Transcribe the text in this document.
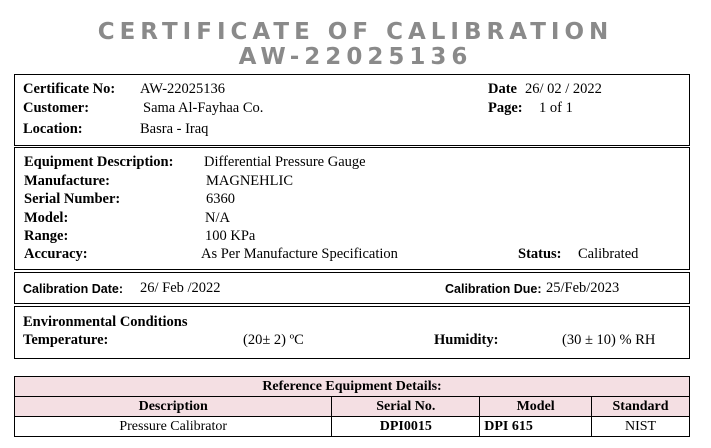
CERTIFICATE OF CALIBRATION
AW-22025136
Certificate No: AW-22025136
Customer:	Sama Al-Fayhaa Co.
Location:	Basra - Iraq
Date 26/ 02 / 2022
Page: 1 of 1
Equipment Description: Differential Pressure Gauge
Manufacture:	MAGNEHLIC
Serial Number:	6360
Model:	N/A
Range:	100 KPa
Accuracy:	As Per Manufacture Specification	Status: Calibrated
Calibration Date: 26/ Feb /2022	Calibration Due: 25/Feb/2023
Environmental Conditions
Temperature:	(20± 2) ºC	Humidity:	(30 ± 10) % RH
Reference Equipment Details:			
Description	Serial No.	Model	Standard
Pressure Calibrator	DPI0015	DPI 615	NIST
